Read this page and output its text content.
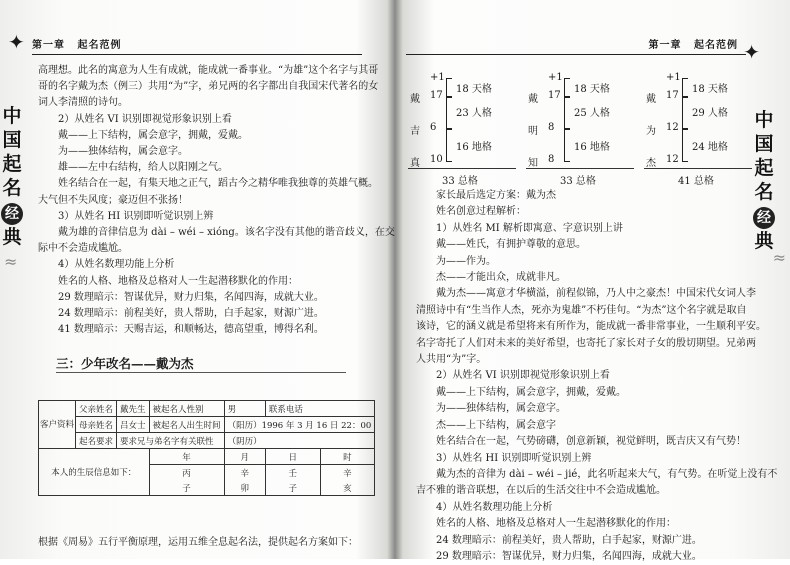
✦ 第一章 起名范例
中
国
起
名
经
典
≈
高理想。此名的寓意为人生有成就，能成就一番事业。“为雄”这个名字与其哥
哥的名字戴为杰（例三）共用“为”字，弟兄两的名字都出自我国宋代著名的女
词人李清照的诗句。
2）从姓名 VI 识别即视觉形象识别上看
戴——上下结构，属会意字，拥戴，爱戴。
为——独体结构，属会意字。
雄——左中右结构，给人以阳刚之气。
姓名结合在一起，有集天地之正气，蹈古今之精华唯我独尊的英雄气概。
大气但不失风度；豪迈但不张扬！
3）从姓名 HI 识别即听觉识别上辨
戴为雄的音律信息为 dài – wéi – xióng。该名字没有其他的谐音歧义，在交
际中不会造成尴尬。
4）从姓名数理功能上分析
姓名的人格、地格及总格对人一生起潜移默化的作用：
29 数理暗示：智谋优异，财力归集，名闻四海，成就大业。
24 数理暗示：前程美好，贵人帮助，白手起家，财源广进。
41 数理暗示：天赐吉运，和顺畅达，德高望重，博得名利。
三：少年改名——戴为杰
客户资料	父亲姓名	戴先生	被起名人性别	男	联系电话	
	母亲姓名	吕女士	被起名人出生时间	（阳历）1996 年 3 月 16 日 22：00		
	起名要求	要求兄与弟名字有关联性		（阴历）		
本人的生辰信息如下：			年	月	日	时
			丙	辛	壬	辛
			子	卯	子	亥
根据《周易》五行平衡原理，运用五维全息起名法，提供起名方案如下：
第一章 起名范例 ✦
中
国
起
名
经
典
≈
+1
戴 17
吉 6
真 10
18 天格
23 人格
16 地格
33 总格
+1
戴 17
明 8
知 8
18 天格
25 人格
16 地格
33 总格
+1
戴 17
为 12
杰 12
18 天格
29 人格
24 地格
41 总格
家长最后选定方案：戴为杰
姓名创意过程解析：
1）从姓名 MI 解析即寓意、字意识别上讲
戴——姓氏，有拥护尊敬的意思。
为——作为。
杰——才能出众，成就非凡。
戴为杰——寓意才华横溢，前程似锦，乃人中之豪杰！中国宋代女词人李
清照诗中有“生当作人杰，死亦为鬼雄”不朽佳句。“为杰”这个名字就是取自
该诗，它的涵义就是希望将来有所作为，能成就一番非常事业，一生顺利平安。
名字寄托了人们对未来的美好希望，也寄托了家长对子女的殷切期望。兄弟两
人共用“为”字。
2）从姓名 VI 识别即视觉形象识别上看
戴——上下结构，属会意字，拥戴，爱戴。
为——独体结构，属会意字。
杰——上下结构，属会意字
姓名结合在一起，气势磅礴，创意新颖，视觉鲜明，既吉庆又有气势！
3）从姓名 HI 识别即听觉识别上辨
戴为杰的音律为 dài – wéi – jié，此名听起来大气，有气势。在听觉上没有不
吉不雅的谐音联想，在以后的生活交往中不会造成尴尬。
4）从姓名数理功能上分析
姓名的人格、地格及总格对人一生起潜移默化的作用：
24 数理暗示：前程美好，贵人帮助，白手起家，财源广进。
29 数理暗示：智谋优异，财力归集，名闻四海，成就大业。
